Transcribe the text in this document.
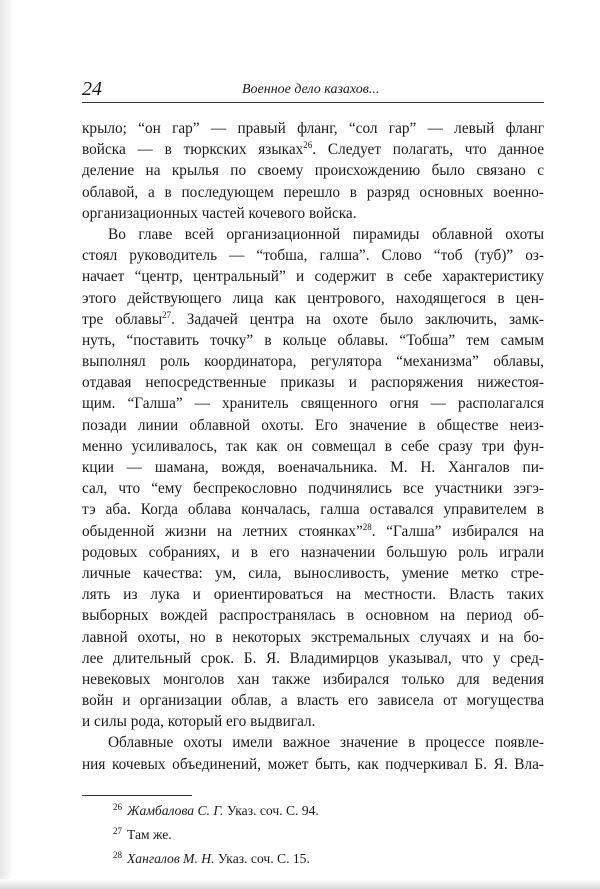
24	Военное дело казахов...
крыло; “он гар” — правый фланг, “сол гар” — левый фланг
войска — в тюркских языках$^{26}$. Следует полагать, что данное
деление на крылья по своему происхождению было связано с
облавой, а в последующем перешло в разряд основных военно-
организационных частей кочевого войска.
Во главе всей организационной пирамиды облавной охоты
стоял руководитель — “тобша, галша”. Слово “тоб (туб)” оз-
начает “центр, центральный” и содержит в себе характеристику
этого действующего лица как центрового, находящегося в цен-
тре облавы$^{27}$. Задачей центра на охоте было заключить, замк-
нуть, “поставить точку” в кольце облавы. “Тобша” тем самым
выполнял роль координатора, регулятора “механизма” облавы,
отдавая непосредственные приказы и распоряжения нижестоя-
щим. “Галша” — хранитель священного огня — располагался
позади линии облавной охоты. Его значение в обществе неиз-
менно усиливалось, так как он совмещал в себе сразу три фун-
кции — шамана, вождя, военачальника. М. Н. Хангалов пи-
сал, что “ему беспрекословно подчинялись все участники зэгэ-
тэ аба. Когда облава кончалась, галша оставался управителем в
обыденной жизни на летних стоянках”$^{28}$. “Галша” избирался на
родовых собраниях, и в его назначении большую роль играли
личные качества: ум, сила, выносливость, умение метко стре-
лять из лука и ориентироваться на местности. Власть таких
выборных вождей распространялась в основном на период об-
лавной охоты, но в некоторых экстремальных случаях и на бо-
лее длительный срок. Б. Я. Владимирцов указывал, что у сред-
невековых монголов хан также избирался только для ведения
войн и организации облав, а власть его зависела от могущества
и силы рода, который его выдвигал.
Облавные охоты имели важное значение в процессе появле-
ния кочевых объединений, может быть, как подчеркивал Б. Я. Вла-
$^{26}$ Жамбалова С. Г. Указ. соч. С. 94.
$^{27}$ Там же.
$^{28}$ Хангалов М. Н. Указ. соч. С. 15.
